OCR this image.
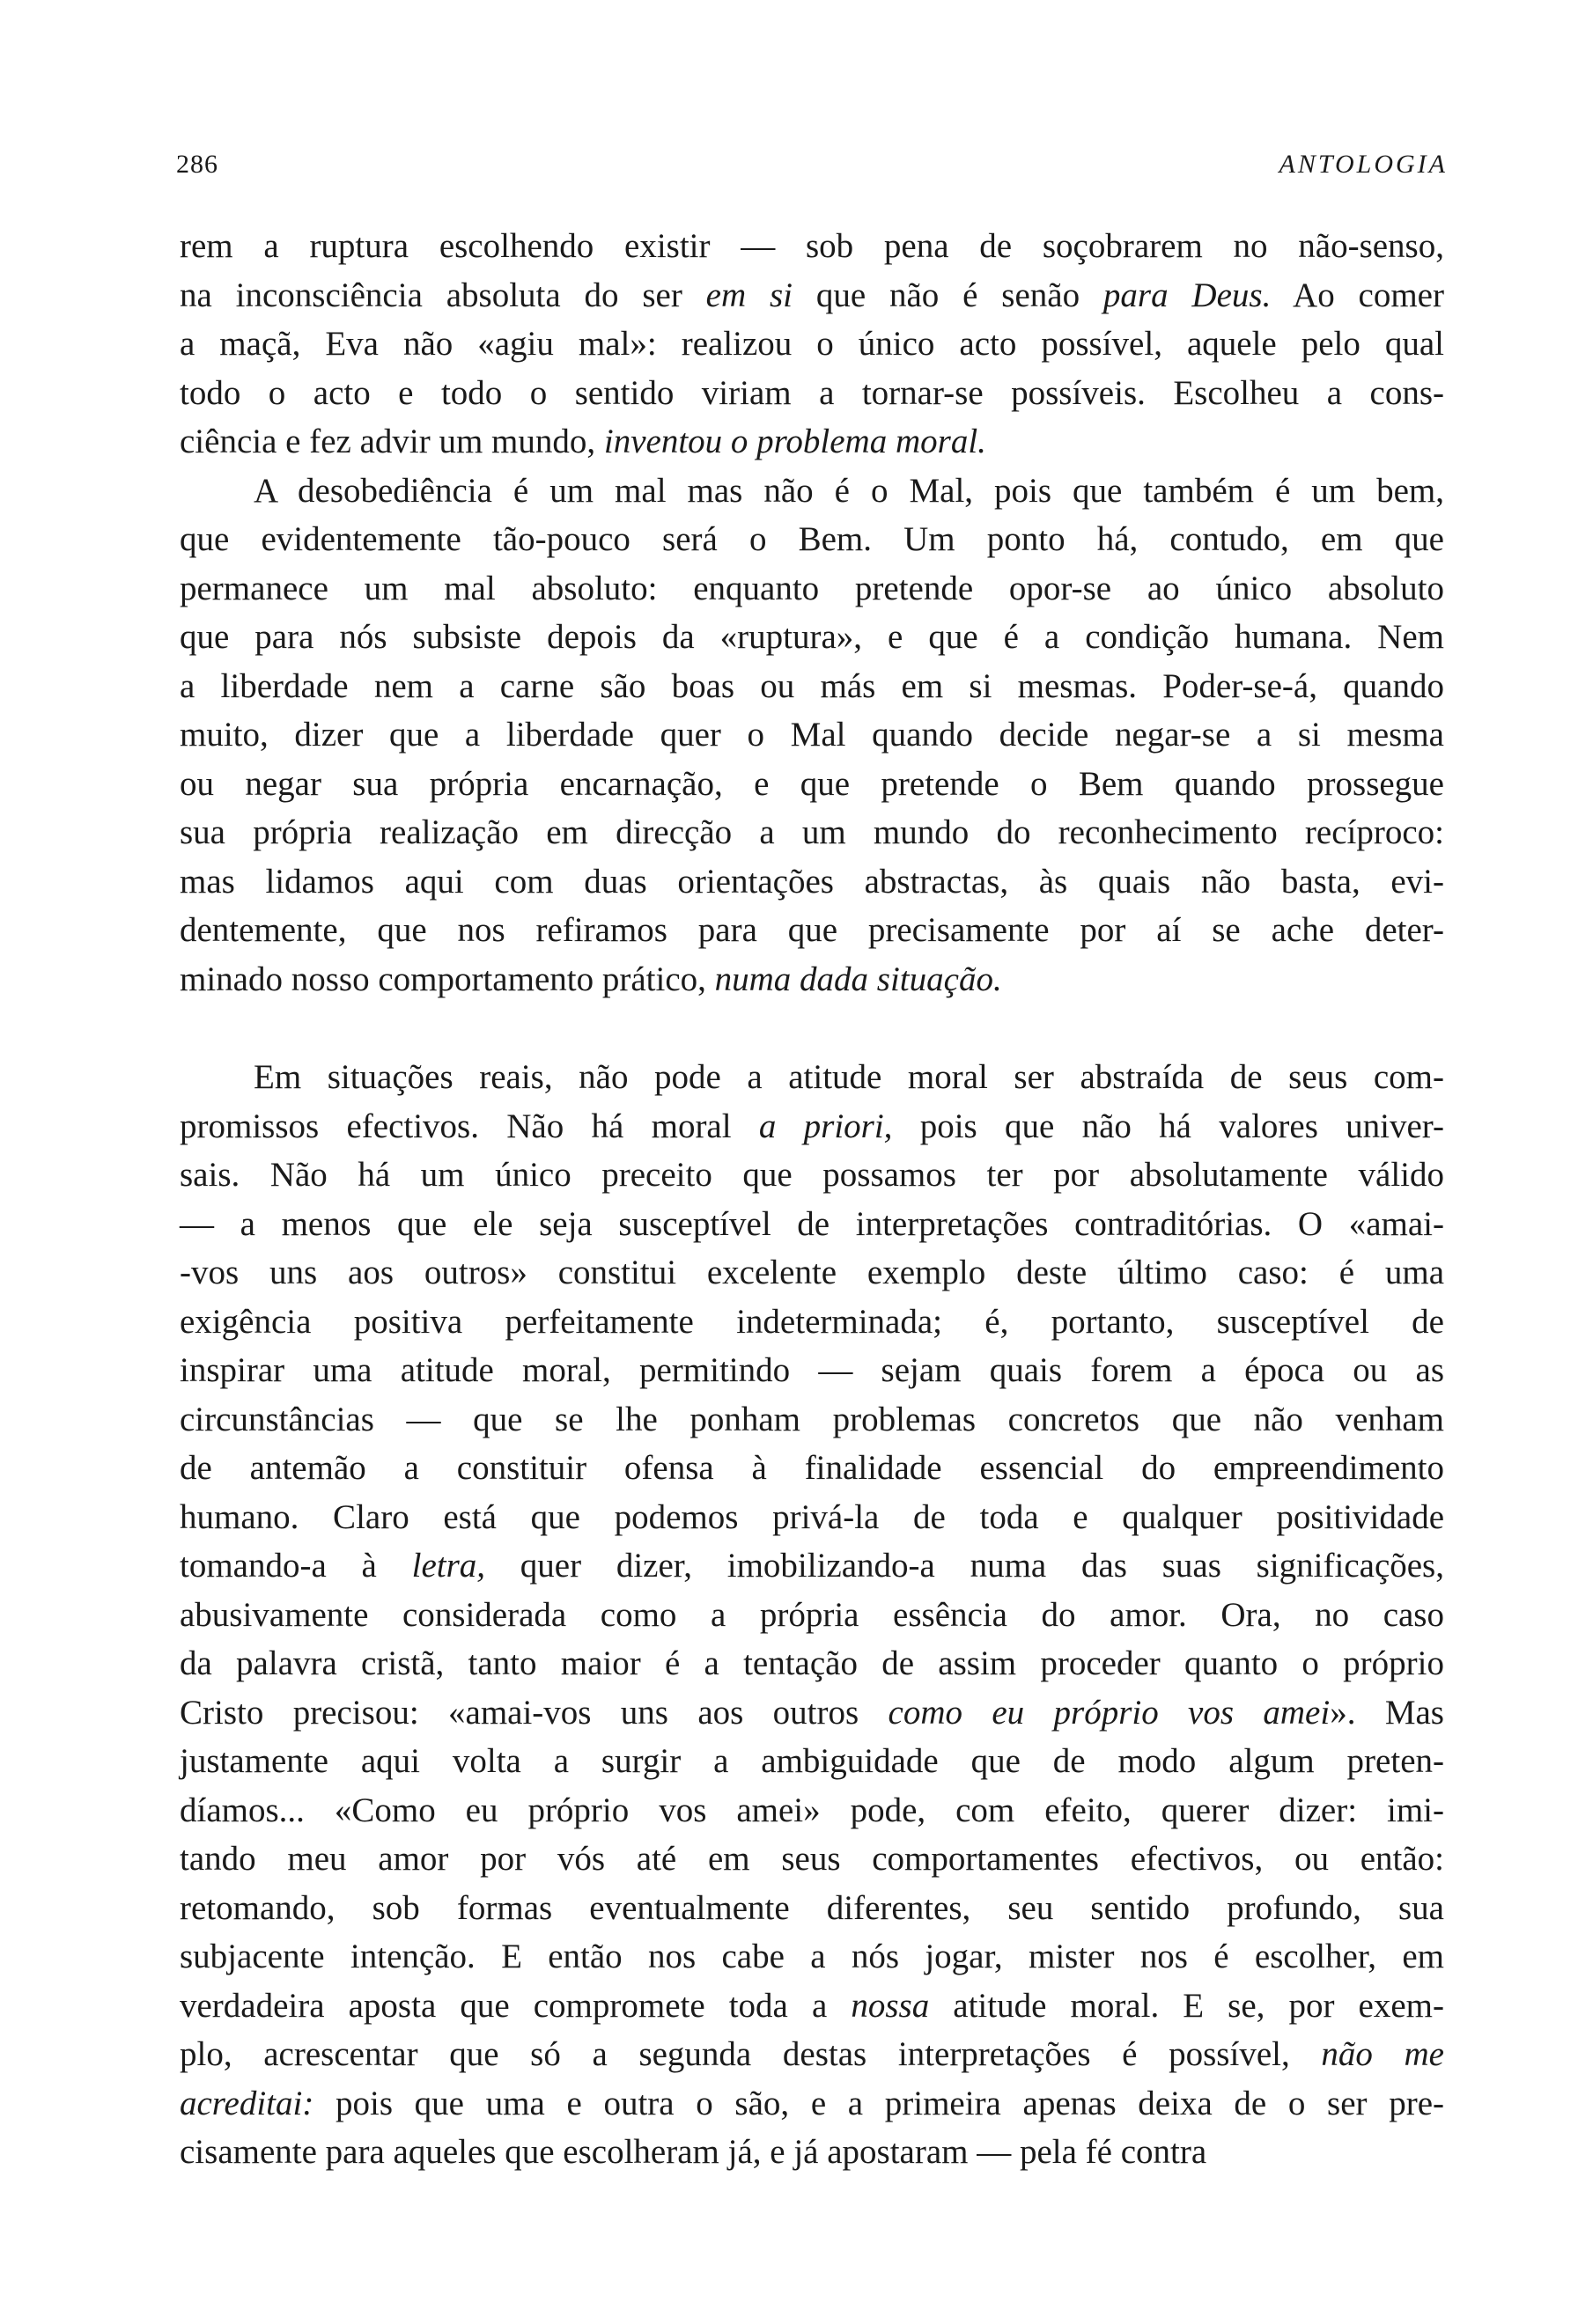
286	ANTOLOGIA
rem a ruptura escolhendo existir — sob pena de soçobrarem no não-senso,
na inconsciência absoluta do ser em si que não é senão para Deus. Ao comer
a maçã, Eva não «agiu mal»: realizou o único acto possível, aquele pelo qual
todo o acto e todo o sentido viriam a tornar-se possíveis. Escolheu a cons-
ciência e fez advir um mundo, inventou o problema moral.
A desobediência é um mal mas não é o Mal, pois que também é um bem,
que evidentemente tão-pouco será o Bem. Um ponto há, contudo, em que
permanece um mal absoluto: enquanto pretende opor-se ao único absoluto
que para nós subsiste depois da «ruptura», e que é a condição humana. Nem
a liberdade nem a carne são boas ou más em si mesmas. Poder-se-á, quando
muito, dizer que a liberdade quer o Mal quando decide negar-se a si mesma
ou negar sua própria encarnação, e que pretende o Bem quando prossegue
sua própria realização em direcção a um mundo do reconhecimento recíproco:
mas lidamos aqui com duas orientações abstractas, às quais não basta, evi-
dentemente, que nos refiramos para que precisamente por aí se ache deter-
minado nosso comportamento prático, numa dada situação.
Em situações reais, não pode a atitude moral ser abstraída de seus com-
promissos efectivos. Não há moral a priori, pois que não há valores univer-
sais. Não há um único preceito que possamos ter por absolutamente válido
— a menos que ele seja susceptível de interpretações contraditórias. O «amai-
-vos uns aos outros» constitui excelente exemplo deste último caso: é uma
exigência positiva perfeitamente indeterminada; é, portanto, susceptível de
inspirar uma atitude moral, permitindo — sejam quais forem a época ou as
circunstâncias — que se lhe ponham problemas concretos que não venham
de antemão a constituir ofensa à finalidade essencial do empreendimento
humano. Claro está que podemos privá-la de toda e qualquer positividade
tomando-a à letra, quer dizer, imobilizando-a numa das suas significações,
abusivamente considerada como a própria essência do amor. Ora, no caso
da palavra cristã, tanto maior é a tentação de assim proceder quanto o próprio
Cristo precisou: «amai-vos uns aos outros como eu próprio vos amei». Mas
justamente aqui volta a surgir a ambiguidade que de modo algum preten-
díamos... «Como eu próprio vos amei» pode, com efeito, querer dizer: imi-
tando meu amor por vós até em seus comportamentes efectivos, ou então:
retomando, sob formas eventualmente diferentes, seu sentido profundo, sua
subjacente intenção. E então nos cabe a nós jogar, mister nos é escolher, em
verdadeira aposta que compromete toda a nossa atitude moral. E se, por exem-
plo, acrescentar que só a segunda destas interpretações é possível, não me
acreditai: pois que uma e outra o são, e a primeira apenas deixa de o ser pre-
cisamente para aqueles que escolheram já, e já apostaram — pela fé contra
